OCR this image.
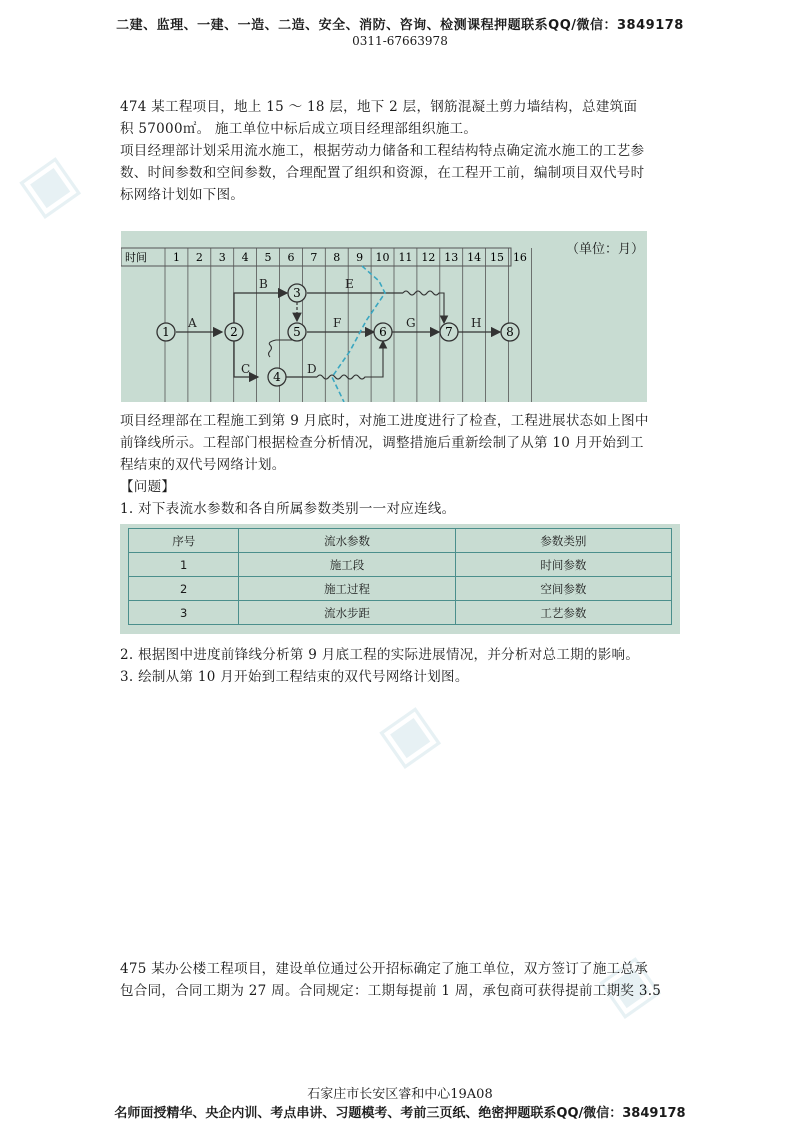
▣
▣
▣
二建、监理、一建、一造、二造、安全、消防、咨询、检测课程押题联系QQ/微信：3849178
0311-67663978
474 某工程项目，地上 15 ～ 18 层，地下 2 层，钢筋混凝土剪力墙结构，总建筑面
积 57000㎡。 施工单位中标后成立项目经理部组织施工。
项目经理部计划采用流水施工，根据劳动力储备和工程结构特点确定流水施工的工艺参
数、时间参数和空间参数，合理配置了组织和资源，在工程开工前，编制项目双代号时
标网络计划如下图。
1 2 3 4 5 6 7 8 9 10 11 12 13 14 15 16
时间
1	2
3
4
5	6	7	8
A
B
C	D
E
F	G	H
（单位：月）
项目经理部在工程施工到第 9 月底时，对施工进度进行了检查，工程进展状态如上图中
前锋线所示。工程部门根据检查分析情况，调整措施后重新绘制了从第 10 月开始到工
程结束的双代号网络计划。
【问题】
1. 对下表流水参数和各自所属参数类别一一对应连线。
序号	流水参数	参数类别
1	施工段	时间参数
2	施工过程	空间参数
3	流水步距	工艺参数
2. 根据图中进度前锋线分析第 9 月底工程的实际进展情况，并分析对总工期的影响。
3. 绘制从第 10 月开始到工程结束的双代号网络计划图。
475 某办公楼工程项目，建设单位通过公开招标确定了施工单位，双方签订了施工总承
包合同，合同工期为 27 周。合同规定：工期每提前 1 周，承包商可获得提前工期奖 3.5
石家庄市长安区睿和中心19A08
名师面授精华、央企内训、考点串讲、习题模考、考前三页纸、绝密押题联系QQ/微信：3849178
